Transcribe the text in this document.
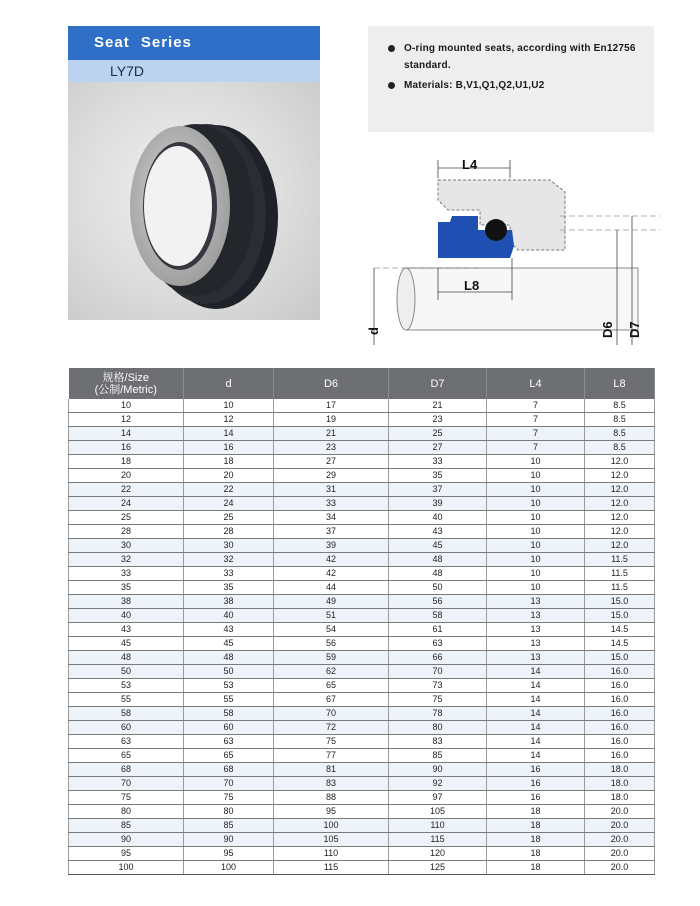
Seat Series
LY7D
O-ring mounted seats, according with En12756 standard.
Materials: B,V1,Q1,Q2,U1,U2
L4
L8
d	D6 D7
规格/Size
(公制/Metric)	d	D6	D7	L4	L8
10	10	17	21	7	8.5
12	12	19	23	7	8.5
14	14	21	25	7	8.5
16	16	23	27	7	8.5
18	18	27	33	10	12.0
20	20	29	35	10	12.0
22	22	31	37	10	12.0
24	24	33	39	10	12.0
25	25	34	40	10	12.0
28	28	37	43	10	12.0
30	30	39	45	10	12.0
32	32	42	48	10	11.5
33	33	42	48	10	11.5
35	35	44	50	10	11.5
38	38	49	56	13	15.0
40	40	51	58	13	15.0
43	43	54	61	13	14.5
45	45	56	63	13	14.5
48	48	59	66	13	15.0
50	50	62	70	14	16.0
53	53	65	73	14	16.0
55	55	67	75	14	16.0
58	58	70	78	14	16.0
60	60	72	80	14	16.0
63	63	75	83	14	16.0
65	65	77	85	14	16.0
68	68	81	90	16	18.0
70	70	83	92	16	18.0
75	75	88	97	16	18.0
80	80	95	105	18	20.0
85	85	100	110	18	20.0
90	90	105	115	18	20.0
95	95	110	120	18	20.0
100	100	115	125	18	20.0
